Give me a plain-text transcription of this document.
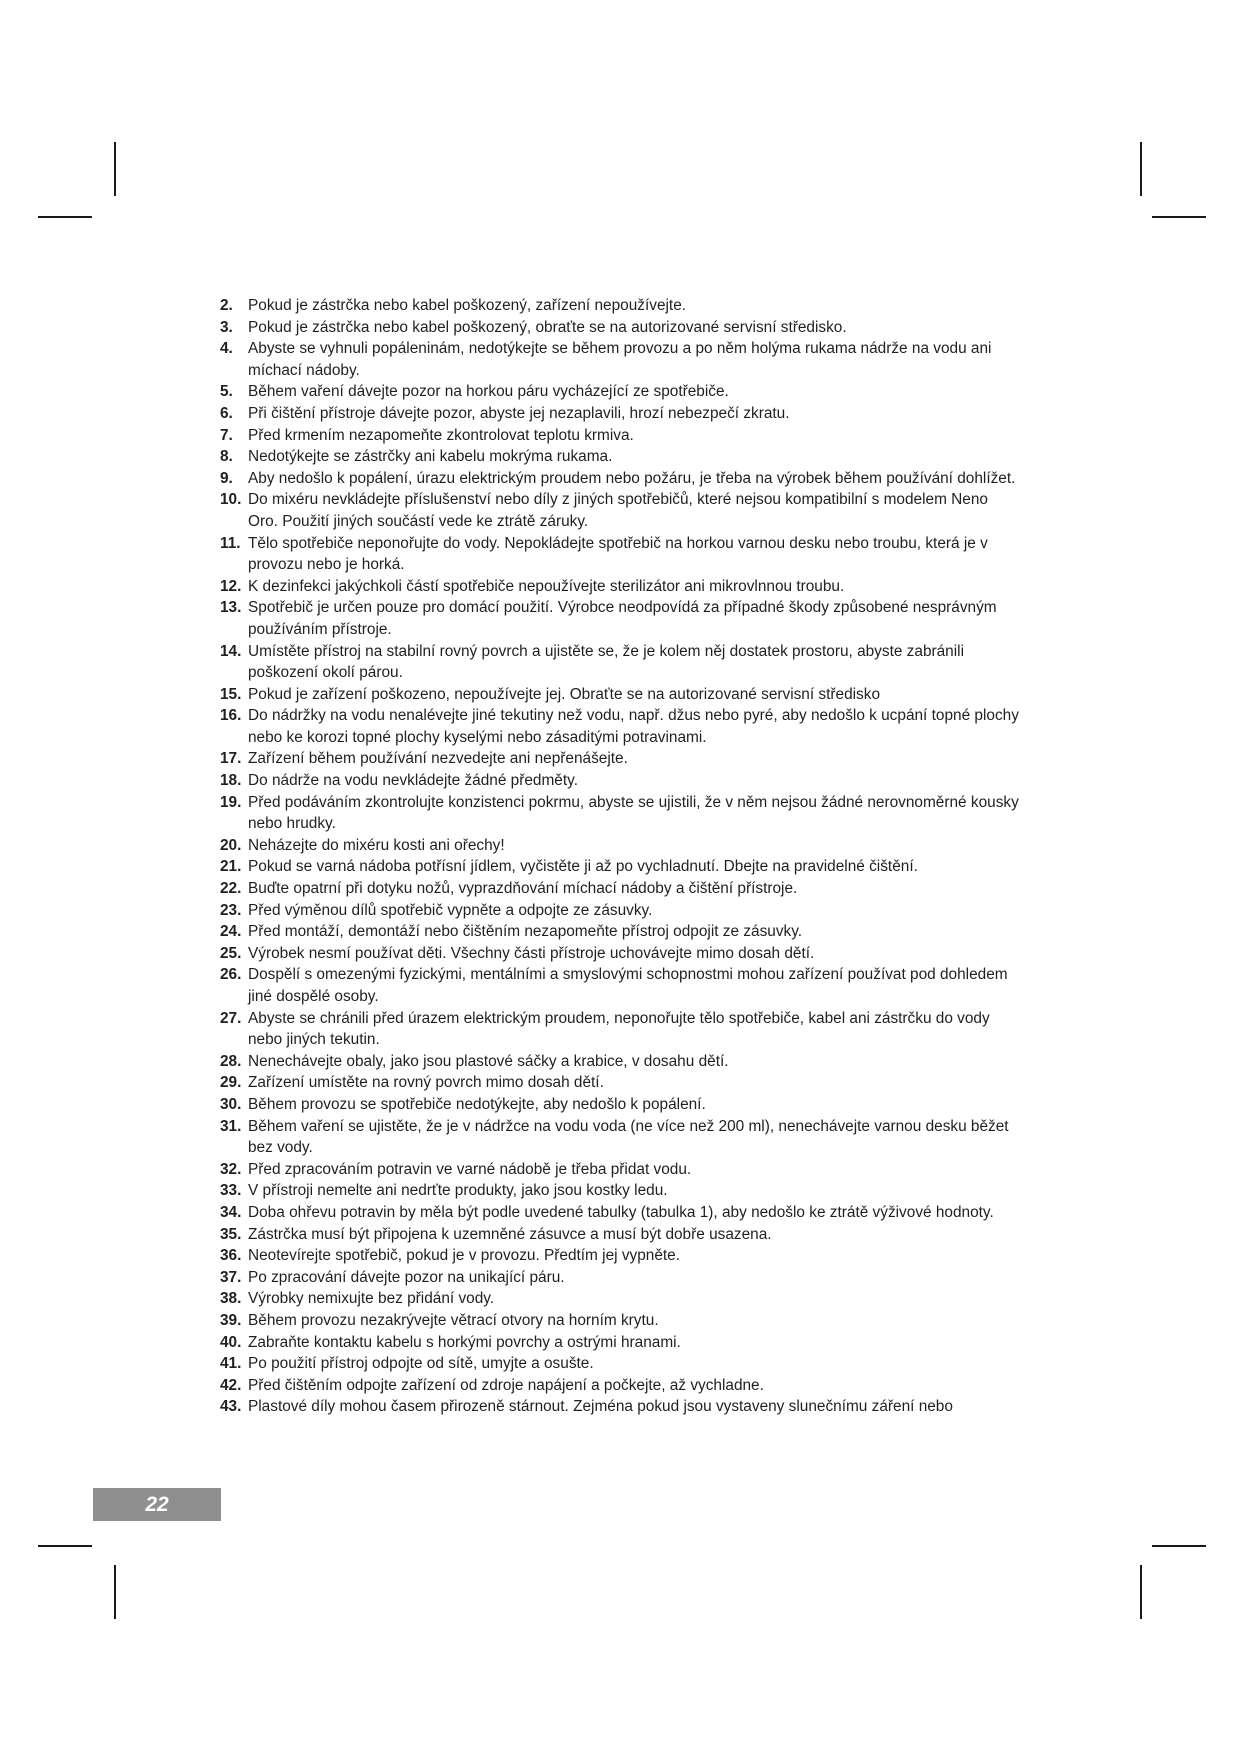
2. Pokud je zástrčka nebo kabel poškozený, zařízení nepoužívejte.
3. Pokud je zástrčka nebo kabel poškozený, obraťte se na autorizované servisní středisko.
4. Abyste se vyhnuli popáleninám, nedotýkejte se během provozu a po něm holýma rukama nádrže na vodu ani míchací nádoby.
5. Během vaření dávejte pozor na horkou páru vycházející ze spotřebiče.
6. Při čištění přístroje dávejte pozor, abyste jej nezaplavili, hrozí nebezpečí zkratu.
7. Před krmením nezapomeňte zkontrolovat teplotu krmiva.
8. Nedotýkejte se zástrčky ani kabelu mokrýma rukama.
9. Aby nedošlo k popálení, úrazu elektrickým proudem nebo požáru, je třeba na výrobek během používání dohlížet.
10. Do mixéru nevkládejte příslušenství nebo díly z jiných spotřebičů, které nejsou kompatibilní s modelem Neno Oro. Použití jiných součástí vede ke ztrátě záruky.
11. Tělo spotřebiče neponořujte do vody. Nepokládejte spotřebič na horkou varnou desku nebo troubu, která je v provozu nebo je horká.
12. K dezinfekci jakýchkoli částí spotřebiče nepoužívejte sterilizátor ani mikrovlnnou troubu.
13. Spotřebič je určen pouze pro domácí použití. Výrobce neodpovídá za případné škody způsobené nesprávným používáním přístroje.
14. Umístěte přístroj na stabilní rovný povrch a ujistěte se, že je kolem něj dostatek prostoru, abyste zabránili poškození okolí párou.
15. Pokud je zařízení poškozeno, nepoužívejte jej. Obraťte se na autorizované servisní středisko
16. Do nádržky na vodu nenalévejte jiné tekutiny než vodu, např. džus nebo pyré, aby nedošlo k ucpání topné plochy nebo ke korozi topné plochy kyselými nebo zásaditými potravinami.
17. Zařízení během používání nezvedejte ani nepřenášejte.
18. Do nádrže na vodu nevkládejte žádné předměty.
19. Před podáváním zkontrolujte konzistenci pokrmu, abyste se ujistili, že v něm nejsou žádné nerovnoměrné kousky nebo hrudky.
20. Neházejte do mixéru kosti ani ořechy!
21. Pokud se varná nádoba potřísní jídlem, vyčistěte ji až po vychladnutí. Dbejte na pravidelné čištění.
22. Buďte opatrní při dotyku nožů, vyprazdňování míchací nádoby a čištění přístroje.
23. Před výměnou dílů spotřebič vypněte a odpojte ze zásuvky.
24. Před montáží, demontáží nebo čištěním nezapomeňte přístroj odpojit ze zásuvky.
25. Výrobek nesmí používat děti. Všechny části přístroje uchovávejte mimo dosah dětí.
26. Dospělí s omezenými fyzickými, mentálními a smyslovými schopnostmi mohou zařízení používat pod dohledem jiné dospělé osoby.
27. Abyste se chránili před úrazem elektrickým proudem, neponořujte tělo spotřebiče, kabel ani zástrčku do vody nebo jiných tekutin.
28. Nenechávejte obaly, jako jsou plastové sáčky a krabice, v dosahu dětí.
29. Zařízení umístěte na rovný povrch mimo dosah dětí.
30. Během provozu se spotřebiče nedotýkejte, aby nedošlo k popálení.
31. Během vaření se ujistěte, že je v nádržce na vodu voda (ne více než 200 ml), nenechávejte varnou desku běžet bez vody.
32. Před zpracováním potravin ve varné nádobě je třeba přidat vodu.
33. V přístroji nemelte ani nedrťte produkty, jako jsou kostky ledu.
34. Doba ohřevu potravin by měla být podle uvedené tabulky (tabulka 1), aby nedošlo ke ztrátě výživové hodnoty.
35. Zástrčka musí být připojena k uzemněné zásuvce a musí být dobře usazena.
36. Neotevírejte spotřebič, pokud je v provozu. Předtím jej vypněte.
37. Po zpracování dávejte pozor na unikající páru.
38. Výrobky nemixujte bez přidání vody.
39. Během provozu nezakrývejte větrací otvory na horním krytu.
40. Zabraňte kontaktu kabelu s horkými povrchy a ostrými hranami.
41. Po použití přístroj odpojte od sítě, umyjte a osušte.
42. Před čištěním odpojte zařízení od zdroje napájení a počkejte, až vychladne.
43. Plastové díly mohou časem přirozeně stárnout. Zejména pokud jsou vystaveny slunečnímu záření nebo
22
